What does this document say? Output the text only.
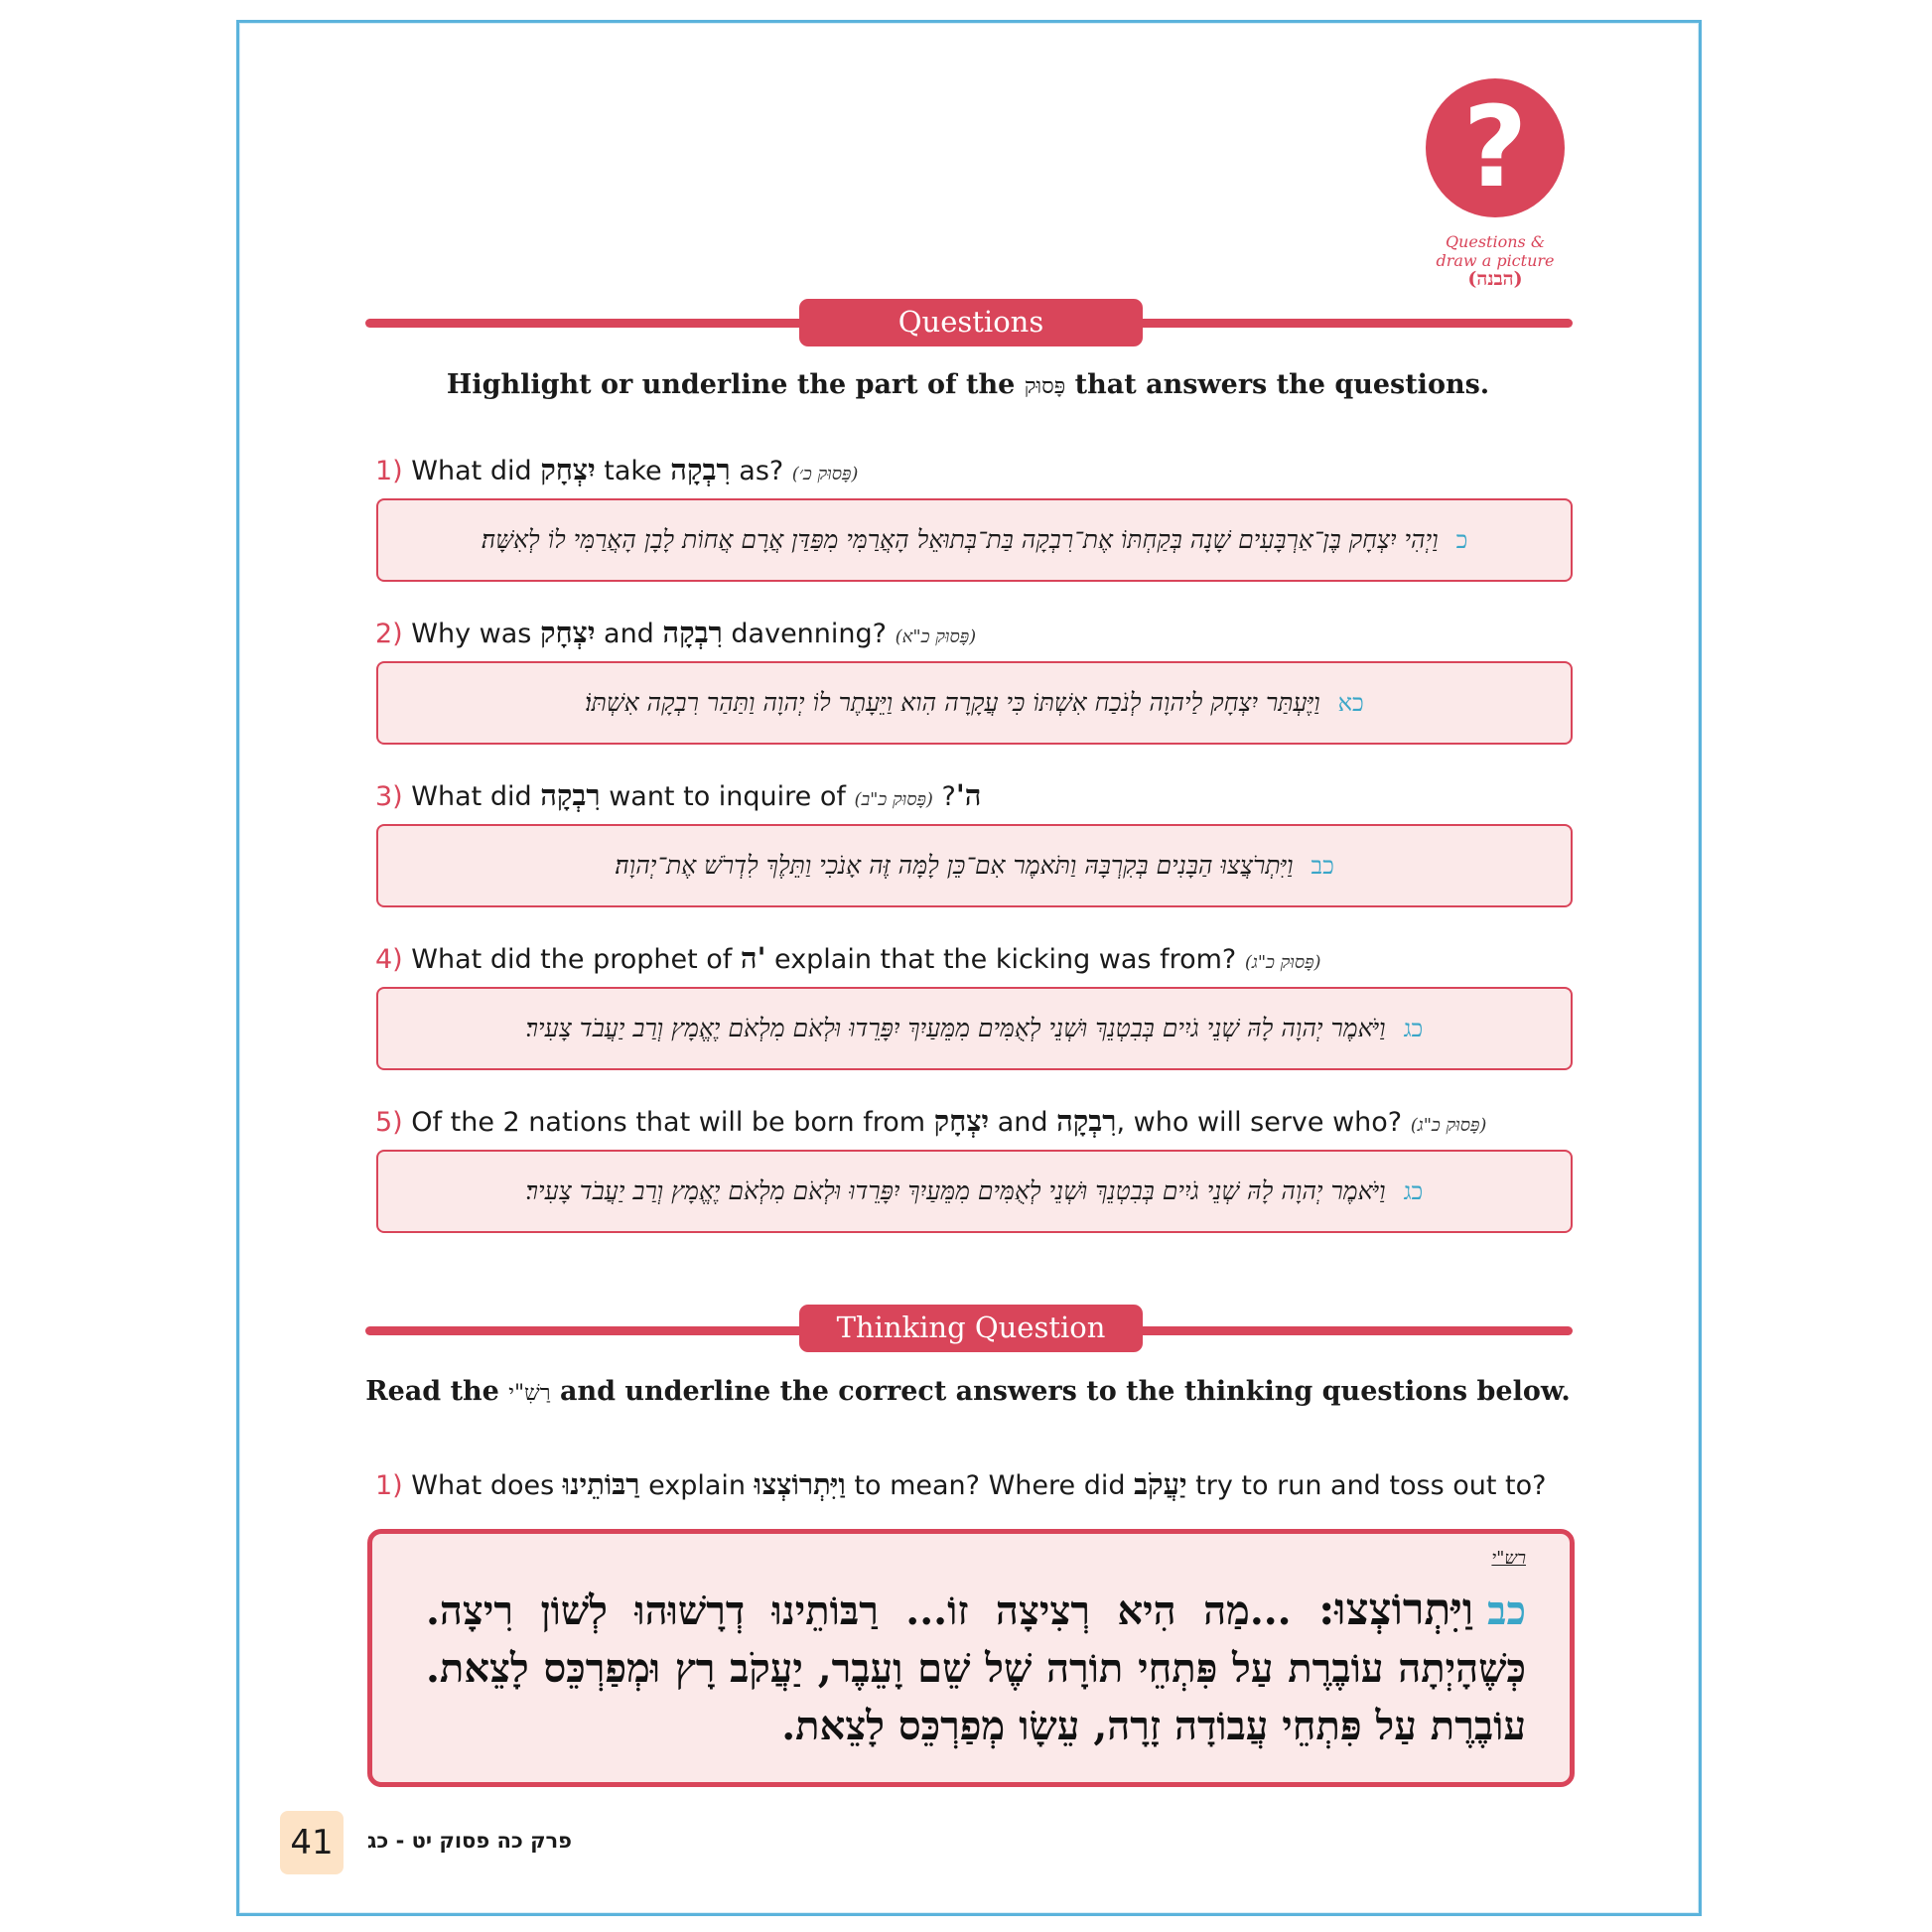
?
Questions &
draw a picture
(הבנה)
Questions
Highlight or underline the part of the פָּסוּק that answers the questions.
1) What did יִצְחָק take רִבְקָה as? (פָּסוּק כ׳)
כ
וַיְהִי יִצְחָק בֶּן־אַרְבָּעִים שָׁנָה בְּקַחְתּוֹ אֶת־רִבְקָה בַּת־בְּתוּאֵל הָאֲרַמִּי מִפַּדַּן אֲרָם אֲחוֹת לָבָן הָאֲרַמִּי לוֹ לְאִשָּׁה׃
2) Why was יִצְחָק and רִבְקָה davenning? (פָּסוּק כ"א)
כא
וַיֶּעְתַּר יִצְחָק לַיהוָה לְנֹכַח אִשְׁתּוֹ כִּי עֲקָרָה הִוא וַיֵּעָתֶר לוֹ יְהוָה וַתַּהַר רִבְקָה אִשְׁתּוֹ׃
3) What did רִבְקָה want to inquire of	ה'? (פָּסוּק כ"ב)
כב
וַיִּתְרֹצֲצוּ הַבָּנִים בְּקִרְבָּהּ וַתֹּאמֶר אִם־כֵּן לָמָּה זֶּה אָנֹכִי וַתֵּלֶךְ לִדְרֹשׁ אֶת־יְהוָה׃
4) What did the prophet of ה' explain that the kicking was from? (פָּסוּק כ"ג)
כג
וַיֹּאמֶר יְהוָה לָהּ שְׁנֵי גֹיִים בְּבִטְנֵךְ וּשְׁנֵי לְאֻמִּים מִמֵּעַיִךְ יִפָּרֵדוּ וּלְאֹם מִלְאֹם יֶאֱמָץ וְרַב יַעֲבֹד צָעִיר׃
5) Of the 2 nations that will be born from יִצְחָק and רִבְקָה, who will serve who? (פָּסוּק כ"ג)
כג
וַיֹּאמֶר יְהוָה לָהּ שְׁנֵי גֹיִים בְּבִטְנֵךְ וּשְׁנֵי לְאֻמִּים מִמֵּעַיִךְ יִפָּרֵדוּ וּלְאֹם מִלְאֹם יֶאֱמָץ וְרַב יַעֲבֹד צָעִיר׃
Thinking Question
Read the רַשִׁ"י and underline the correct answers to the thinking questions below.
1) What does רַבּוֹתֵינוּ explain וַיִּתְרוֹצְצוּ to mean? Where did יַעֲקֹב try to run and toss out to?
רש"י
כבוַיִּתְרוֹצְצוּ: ...מַה הִיא רְצִיצָה זוֹ... רַבּוֹתֵינוּ דְרָשׁוּהוּ לְשׁוֹן רִיצָה. כְּשֶׁהָיְתָה עוֹבֶרֶת עַל פִּתְחֵי תוֹרָה שֶׁל שֵׁם וָעֵבֶר, יַעֲקֹב רָץ וּמְפַרְכֵּס לָצֵאת. עוֹבֶרֶת עַל פִּתְחֵי עֲבוֹדָה זָרָה, עֵשָׂו מְפַרְכֵּס לָצֵאת.
41	פרק כה פסוק יט - כג
